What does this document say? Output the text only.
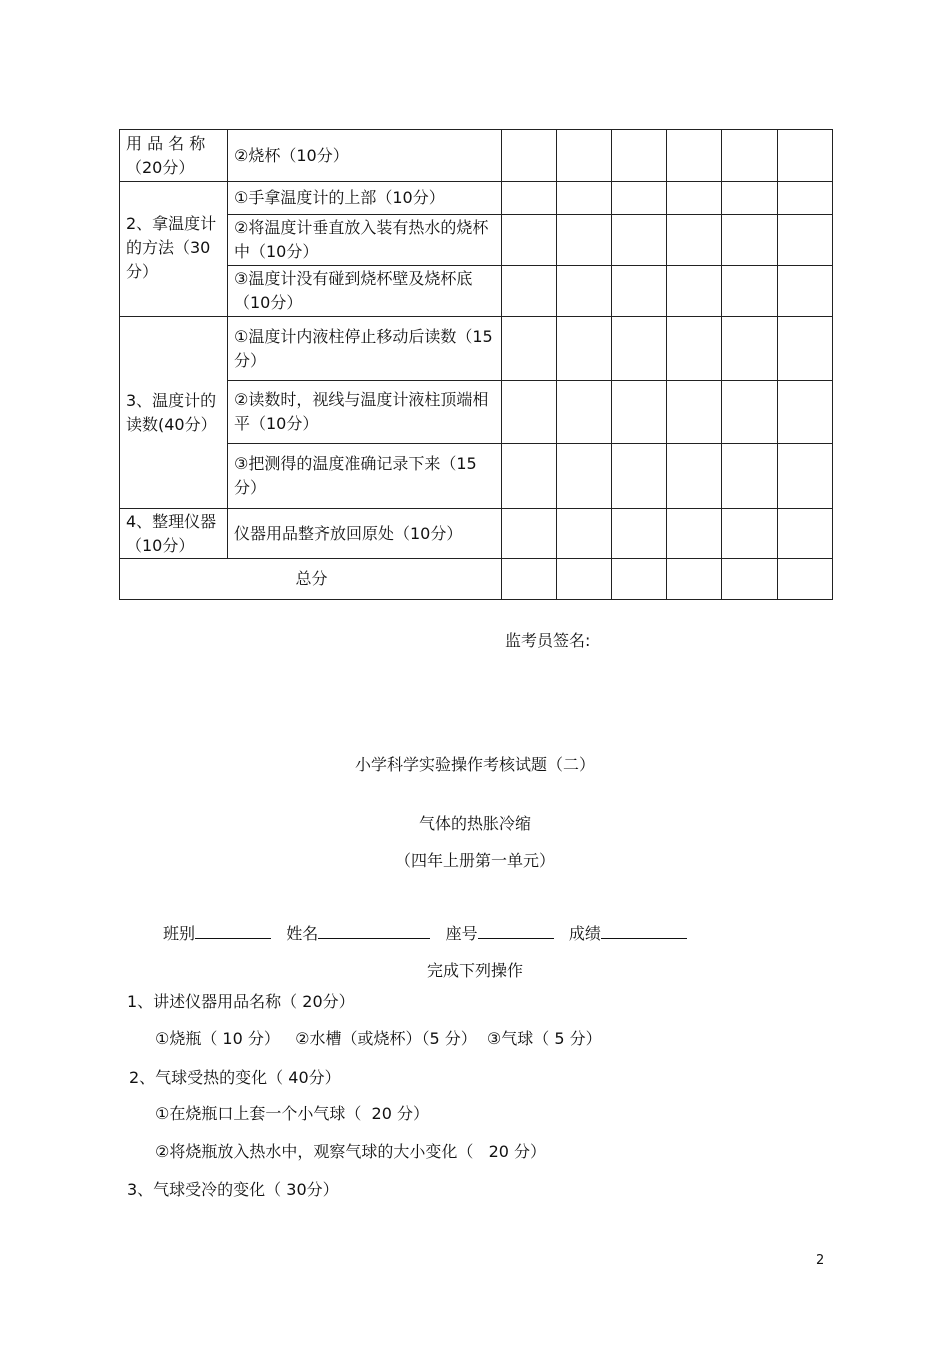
用 品 名 称（20分）	②烧杯（10分）						
2、拿温度计的方法（30分）	①手拿温度计的上部（10分）						
	②将温度计垂直放入装有热水的烧杯中（10分）						
	③温度计没有碰到烧杯壁及烧杯底（10分）						
3、温度计的读数(40分）	①温度计内液柱停止移动后读数（15分）						
	②读数时，视线与温度计液柱顶端相平（10分）						
	③把测得的温度准确记录下来（15分）						
4、整理仪器（10分）	仪器用品整齐放回原处（10分）						
总分							
监考员签名:
小学科学实验操作考核试题（二）
气体的热胀冷缩
（四年上册第一单元）
班别	姓名	座号	成绩
完成下列操作
1、讲述仪器用品名称（ 20分）
①烧瓶（ 10 分）   ②水槽（或烧杯）（5 分）  ③气球（ 5 分）
2、气球受热的变化（ 40分）
①在烧瓶口上套一个小气球（  20 分）
②将烧瓶放入热水中，观察气球的大小变化（   20 分）
3、气球受冷的变化（ 30分）
2
